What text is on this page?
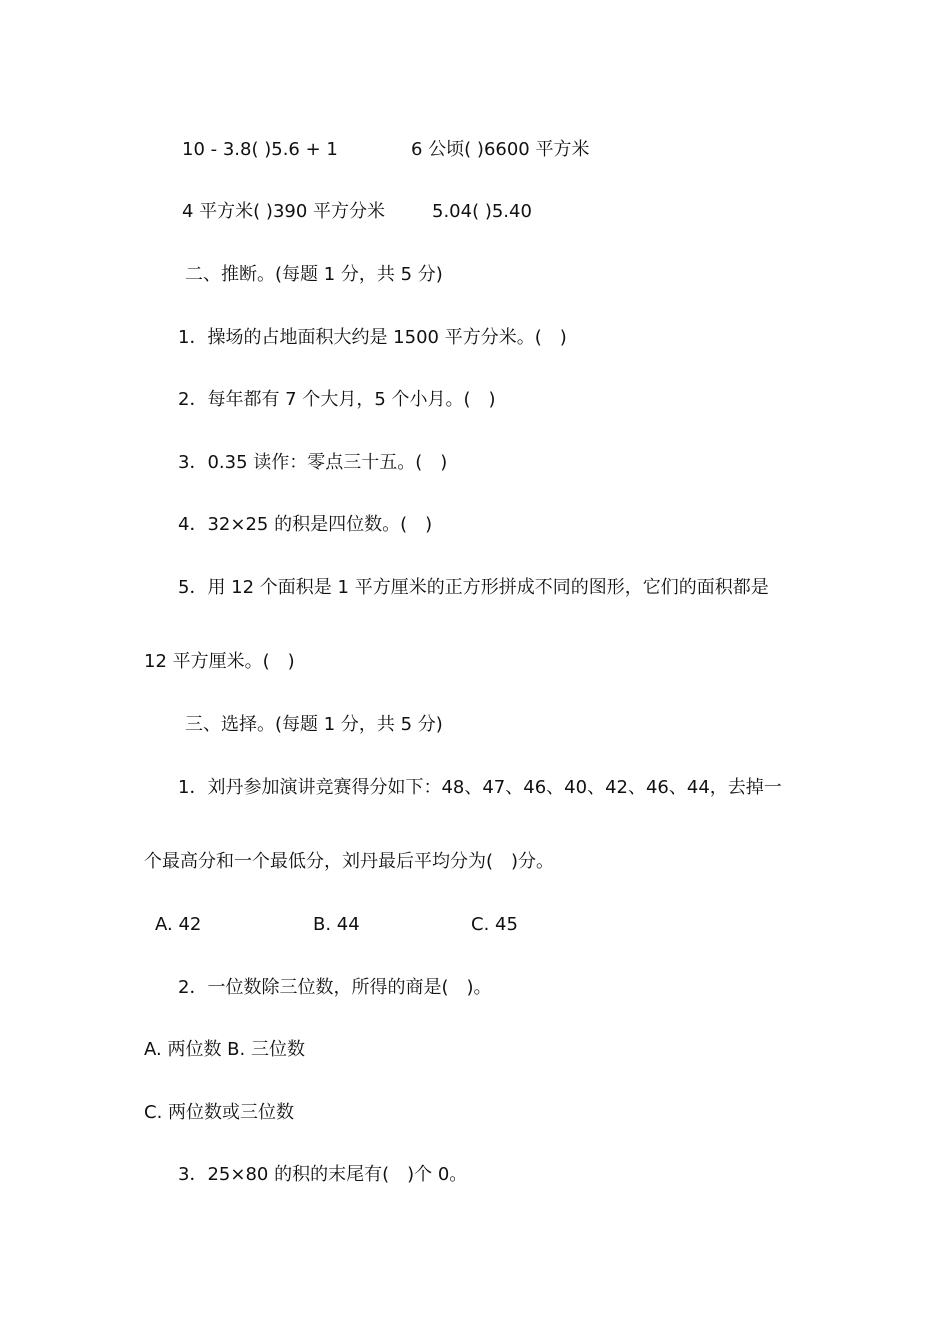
10 - 3.8( )5.6 + 1	6 公顷( )6600 平方米
4 平方米( )390 平方分米	5.04( )5.40
二、推断。(每题 1 分，共 5 分)
1．操场的占地面积大约是 1500 平方分米。(　)
2．每年都有 7 个大月，5 个小月。(　)
3．0.35 读作：零点三十五。(　)
4．32×25 的积是四位数。(　)
5．用 12 个面积是 1 平方厘米的正方形拼成不同的图形，它们的面积都是
12 平方厘米。(　)
三、选择。(每题 1 分，共 5 分)
1．刘丹参加演讲竞赛得分如下：48、47、46、40、42、46、44，去掉一
个最高分和一个最低分，刘丹最后平均分为(　)分。
A. 42	B. 44	C. 45
2．一位数除三位数，所得的商是(　)。
A. 两位数 B. 三位数
C. 两位数或三位数
3．25×80 的积的末尾有(　)个 0。
